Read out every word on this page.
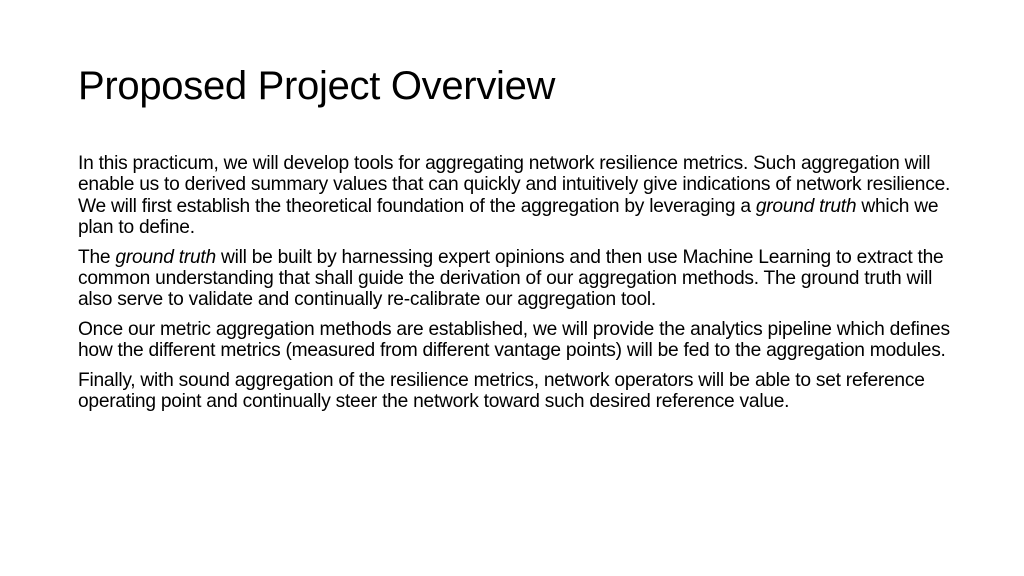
Proposed Project Overview

In this practicum, we will develop tools for aggregating network resilience metrics. Such aggregation will enable us to derived summary values that can quickly and intuitively give indications of network resilience. We will first establish the theoretical foundation of the aggregation by leveraging a ground truth which we plan to define.

The ground truth will be built by harnessing expert opinions and then use Machine Learning to extract the common understanding that shall guide the derivation of our aggregation methods. The ground truth will also serve to validate and continually re-calibrate our aggregation tool.

Once our metric aggregation methods are established, we will provide the analytics pipeline which defines how the different metrics (measured from different vantage points) will be fed to the aggregation modules.

Finally, with sound aggregation of the resilience metrics, network operators will be able to set reference operating point and continually steer the network toward such desired reference value.
